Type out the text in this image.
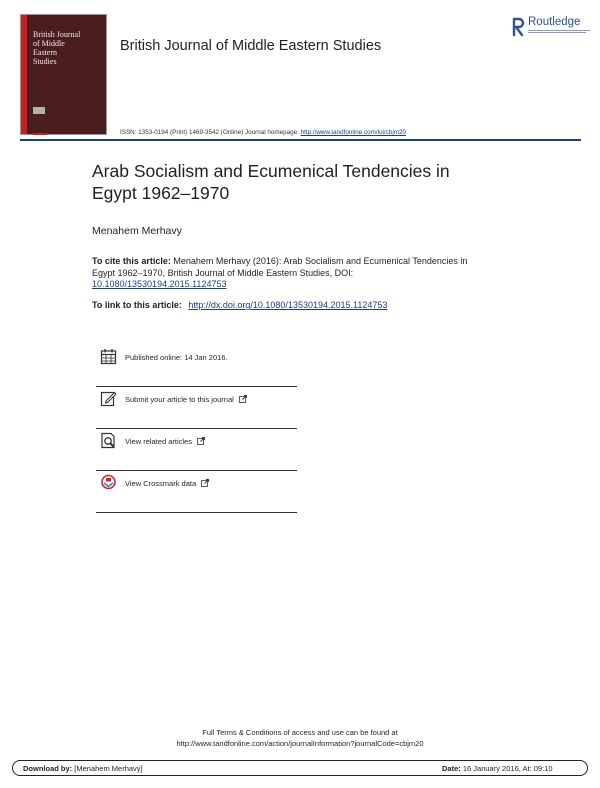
British Journal
of Middle
Eastern
Studies
British Journal of Middle Eastern Studies
Routledge
ISSN: 1353-0194 (Print) 1469-3542 (Online) Journal homepage: http://www.tandfonline.com/loi/cbjm20
Arab Socialism and Ecumenical Tendencies in Egypt 1962–1970
Menahem Merhavy
To cite this article: Menahem Merhavy (2016): Arab Socialism and Ecumenical Tendencies in Egypt 1962–1970, British Journal of Middle Eastern Studies, DOI: 10.1080/13530194.2015.1124753
To link to this article: http://dx.doi.org/10.1080/13530194.2015.1124753
Published online: 14 Jan 2016.
Submit your article to this journal
View related articles
View Crossmark data
Full Terms & Conditions of access and use can be found at
http://www.tandfonline.com/action/journalInformation?journalCode=cbjm20
Download by: [Menahem Merhavy]	Date: 16 January 2016, At: 09:10
